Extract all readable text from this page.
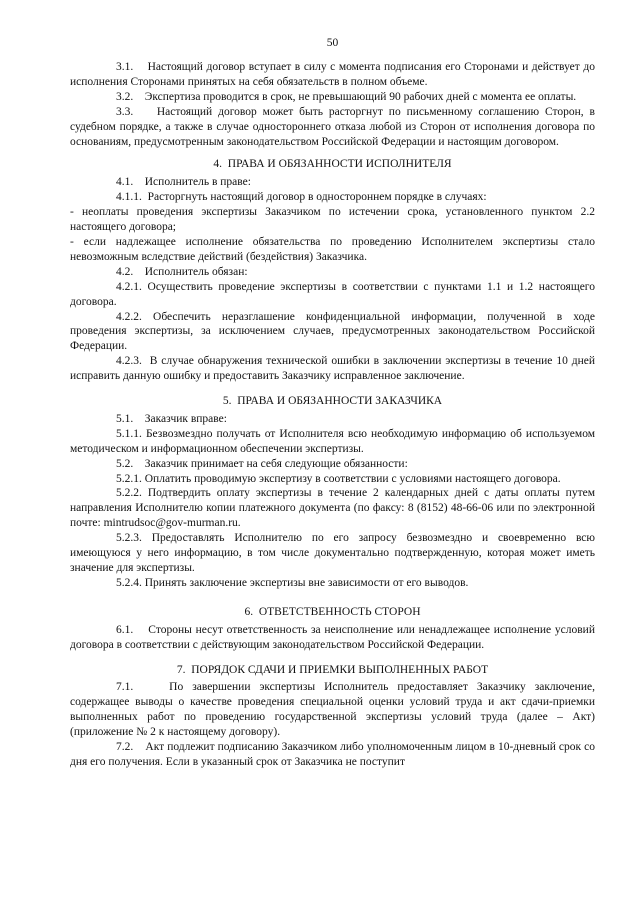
50

3.1.    Настоящий договор вступает в силу с момента подписания его Сторонами и действует до исполнения Сторонами принятых на себя обязательств в полном объеме.

3.2.    Экспертиза проводится в срок, не превышающий 90 рабочих дней с момента ее оплаты.

3.3.    Настоящий договор может быть расторгнут по письменному соглашению Сторон, в судебном порядке, а также в случае одностороннего отказа любой из Сторон от исполнения договора по основаниям, предусмотренным законодательством Российской Федерации и настоящим договором.

4.  ПРАВА И ОБЯЗАННОСТИ ИСПОЛНИТЕЛЯ

4.1.    Исполнитель в праве:

4.1.1.  Расторгнуть настоящий договор в одностороннем порядке в случаях:

- неоплаты проведения экспертизы Заказчиком по истечении срока, установленного пунктом 2.2 настоящего договора;

- если надлежащее исполнение обязательства по проведению Исполнителем экспертизы стало невозможным вследствие действий (бездействия) Заказчика.

4.2.    Исполнитель обязан:

4.2.1. Осуществить проведение экспертизы в соответствии с пунктами 1.1 и 1.2 настоящего договора.

4.2.2. Обеспечить неразглашение конфиденциальной информации, полученной в ходе проведения экспертизы, за исключением случаев, предусмотренных законодательством Российской Федерации.

4.2.3.  В случае обнаружения технической ошибки в заключении экспертизы в течение 10 дней исправить данную ошибку и предоставить Заказчику исправленное заключение.

5.  ПРАВА И ОБЯЗАННОСТИ ЗАКАЗЧИКА

5.1.    Заказчик вправе:

5.1.1. Безвозмездно получать от Исполнителя всю необходимую информацию об используемом методическом и информационном обеспечении экспертизы.

5.2.    Заказчик принимает на себя следующие обязанности:

5.2.1. Оплатить проводимую экспертизу в соответствии с условиями настоящего договора.

5.2.2. Подтвердить оплату экспертизы в течение 2 календарных дней с даты оплаты путем направления Исполнителю копии платежного документа (по факсу: 8 (8152) 48-66-06 или по электронной почте: mintrudsoc@gov-murman.ru.

5.2.3. Предоставлять Исполнителю по его запросу безвозмездно и своевременно всю имеющуюся у него информацию, в том числе документально подтвержденную, которая может иметь значение для экспертизы.

5.2.4. Принять заключение экспертизы вне зависимости от его выводов.

6.  ОТВЕТСТВЕННОСТЬ СТОРОН

6.1.    Стороны несут ответственность за неисполнение или ненадлежащее исполнение условий договора в соответствии с действующим законодательством Российской Федерации.

7.  ПОРЯДОК СДАЧИ И ПРИЕМКИ ВЫПОЛНЕННЫХ РАБОТ

7.1.    По завершении экспертизы Исполнитель предоставляет Заказчику заключение, содержащее выводы о качестве проведения специальной оценки условий труда и акт сдачи-приемки выполненных работ по проведению государственной экспертизы условий труда (далее – Акт) (приложение № 2 к настоящему договору).

7.2.    Акт подлежит подписанию Заказчиком либо уполномоченным лицом в 10-дневный срок со дня его получения. Если в указанный срок от Заказчика не поступит
